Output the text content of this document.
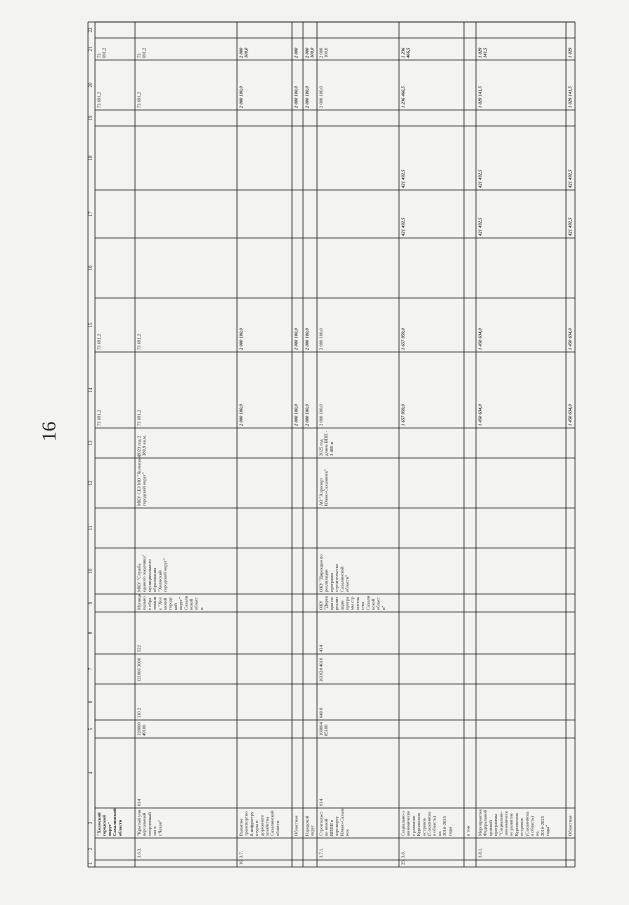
16
1
2
3
4
5
6
7
8
9
10
11
12
13
14
15
16
17
18
19
20
21
22
"Холмскийгородскойокруг"Сахалинскойобласти
73 691,2
73 691,2
73 691,2
73691,2
3.6.3.
"Крытый универсальныйспортивныйзал вг.Чехов"
014
12000049100
110 2
121006 3000
522
Муниципальное образование "Холмскийгородскойокруг"Сахалинскойобласти
МКУ "Службаединого заказчика"муниципальногообразования"Холмскийгородской округ"
МКУ СЕЗ МО "Холмскийгородской округ"
2023 год 2380,9 кв.м.
73 691,2
73 691,2
73 691,2
73691,2
16.
3.7.
Развитиетранспортной инфраструктуры идорожногохозяйстваСахалинскойобласти
2 000 100,0
2 000 100,0
2 000 100,0
2 000100,0
Областная
2 000 100,0
2 000 100,0
2 000 100,0
2 000
Городскойокруг
2 000 100,0
2 000 100,0
2 000 100,0
2 000100,0
3.7.1.
Строительство новойВППII ваэропортуЮжно-Сахалинск
014
16000485100
040 8
161024 4010
414
ОКУ"Дирекция пореализациипрограмм строительстваСахалинскойобласти"
ОКУ "Дирекция пореализациипрограммстроительстваСахалинскойобласти"
АО "АэропортЮжно-Сахалинск"
2025 годдлина ВПП -3 400 м
2 000 100,0
2 000 100,0
2 000 100,0
2 000100,0
25.
3.8.
Социально-экономическое развитиеКурильскихостровов(Сахалинская область)на2016-2025годы
1 657 959,0
1 657 959,0
421 492,5
421 492,5
1 236 466,5
1 236466,5
в том
3.8.1.
МероприятияФедеральнойцелевойпрограммы"Социально-экономическое развитиеКурильскихостровов(Сахалинская область)на2016-2025годы"
1 450 634,0
1 450 634,0
421 492,5
421 492,5
1 029 141,5
1 029141,5
Областная
1 450 634,0
1 450 634,0
421 492,5
421 492,5
1 029 141,5
1 029
